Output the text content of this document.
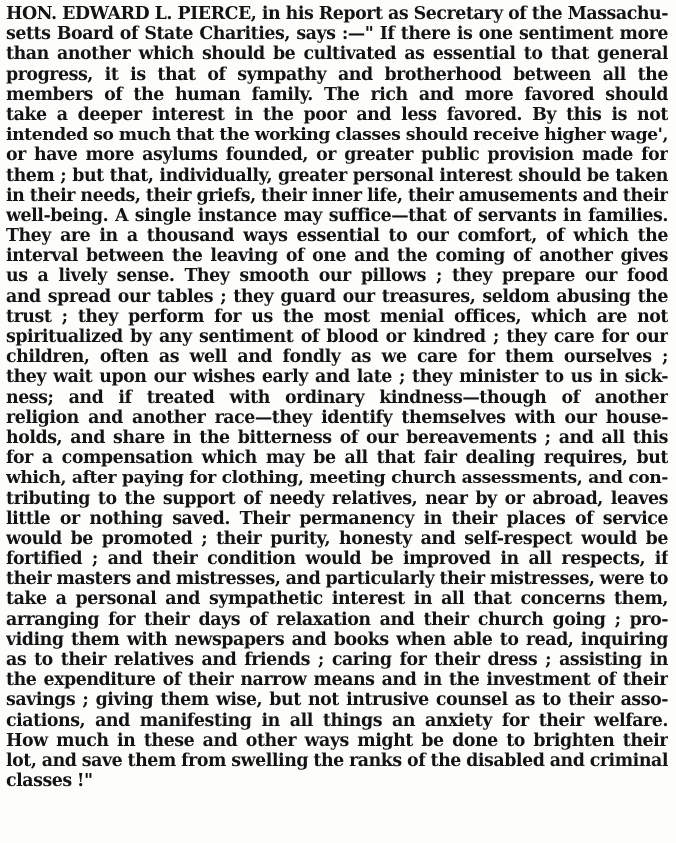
HON. EDWARD L. PIERCE, in his Report as Secretary of the Massachu-
setts Board of State Charities, says :—" If there is one sentiment more
than another which should be cultivated as essential to that general
progress, it is that of sympathy and brotherhood between all the
members of the human family. The rich and more favored should
take a deeper interest in the poor and less favored. By this is not
intended so much that the working classes should receive higher wage',
or have more asylums founded, or greater public provision made for
them ; but that, individually, greater personal interest should be taken
in their needs, their griefs, their inner life, their amusements and their
well-being. A single instance may suffice—that of servants in families.
They are in a thousand ways essential to our comfort, of which the
interval between the leaving of one and the coming of another gives
us a lively sense. They smooth our pillows ; they prepare our food
and spread our tables ; they guard our treasures, seldom abusing the
trust ; they perform for us the most menial offices, which are not
spiritualized by any sentiment of blood or kindred ; they care for our
children, often as well and fondly as we care for them ourselves ;
they wait upon our wishes early and late ; they minister to us in sick-
ness; and if treated with ordinary kindness—though of another
religion and another race—they identify themselves with our house-
holds, and share in the bitterness of our bereavements ; and all this
for a compensation which may be all that fair dealing requires, but
which, after paying for clothing, meeting church assessments, and con-
tributing to the support of needy relatives, near by or abroad, leaves
little or nothing saved. Their permanency in their places of service
would be promoted ; their purity, honesty and self-respect would be
fortified ; and their condition would be improved in all respects, if
their masters and mistresses, and particularly their mistresses, were to
take a personal and sympathetic interest in all that concerns them,
arranging for their days of relaxation and their church going ; pro-
viding them with newspapers and books when able to read, inquiring
as to their relatives and friends ; caring for their dress ; assisting in
the expenditure of their narrow means and in the investment of their
savings ; giving them wise, but not intrusive counsel as to their asso-
ciations, and manifesting in all things an anxiety for their welfare.
How much in these and other ways might be done to brighten their
lot, and save them from swelling the ranks of the disabled and criminal
classes !"
